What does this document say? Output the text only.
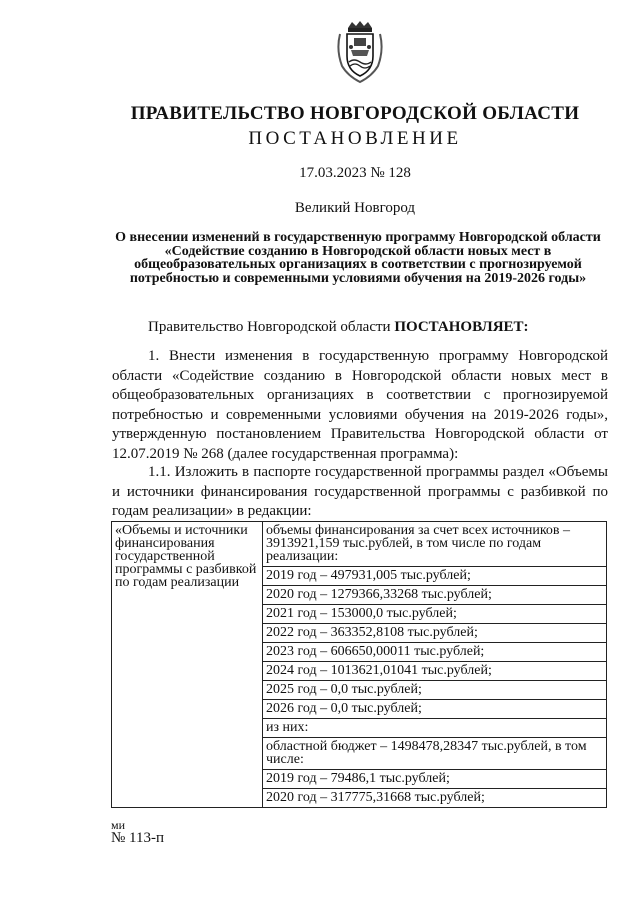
ПРАВИТЕЛЬСТВО НОВГОРОДСКОЙ ОБЛАСТИ
ПОСТАНОВЛЕНИЕ
17.03.2023 № 128
Великий Новгород
О внесении изменений в государственную программу Новгородской области «Содействие созданию в Новгородской области новых мест в общеобразовательных организациях в соответствии с прогнозируемой потребностью и современными условиями обучения на 2019-2026 годы»
Правительство Новгородской области ПОСТАНОВЛЯЕТ:
1. Внести изменения в государственную программу Новгородской области «Содействие созданию в Новгородской области новых мест в общеобразовательных организациях в соответствии с прогнозируемой потребностью и современными условиями обучения на 2019-2026 годы», утвержденную постановлением Правительства Новгородской области от 12.07.2019 № 268 (далее государственная программа):
1.1. Изложить в паспорте государственной программы раздел «Объемы и источники финансирования государственной программы с разбивкой по годам реализации» в редакции:
«Объемы и источники финансирования государственной программы с разбивкой по годам реализации	объемы финансирования за счет всех источников – 3913921,159 тыс.рублей, в том числе по годам реализации:
2019 год – 497931,005 тыс.рублей;
2020 год – 1279366,33268 тыс.рублей;
2021 год – 153000,0 тыс.рублей;
2022 год – 363352,8108 тыс.рублей;
2023 год – 606650,00011 тыс.рублей;
2024 год – 1013621,01041 тыс.рублей;
2025 год – 0,0 тыс.рублей;
2026 год – 0,0 тыс.рублей;
из них:
областной бюджет – 1498478,28347 тыс.рублей, в том числе:
2019 год – 79486,1 тыс.рублей;
2020 год – 317775,31668 тыс.рублей;
ми
№ 113-п
